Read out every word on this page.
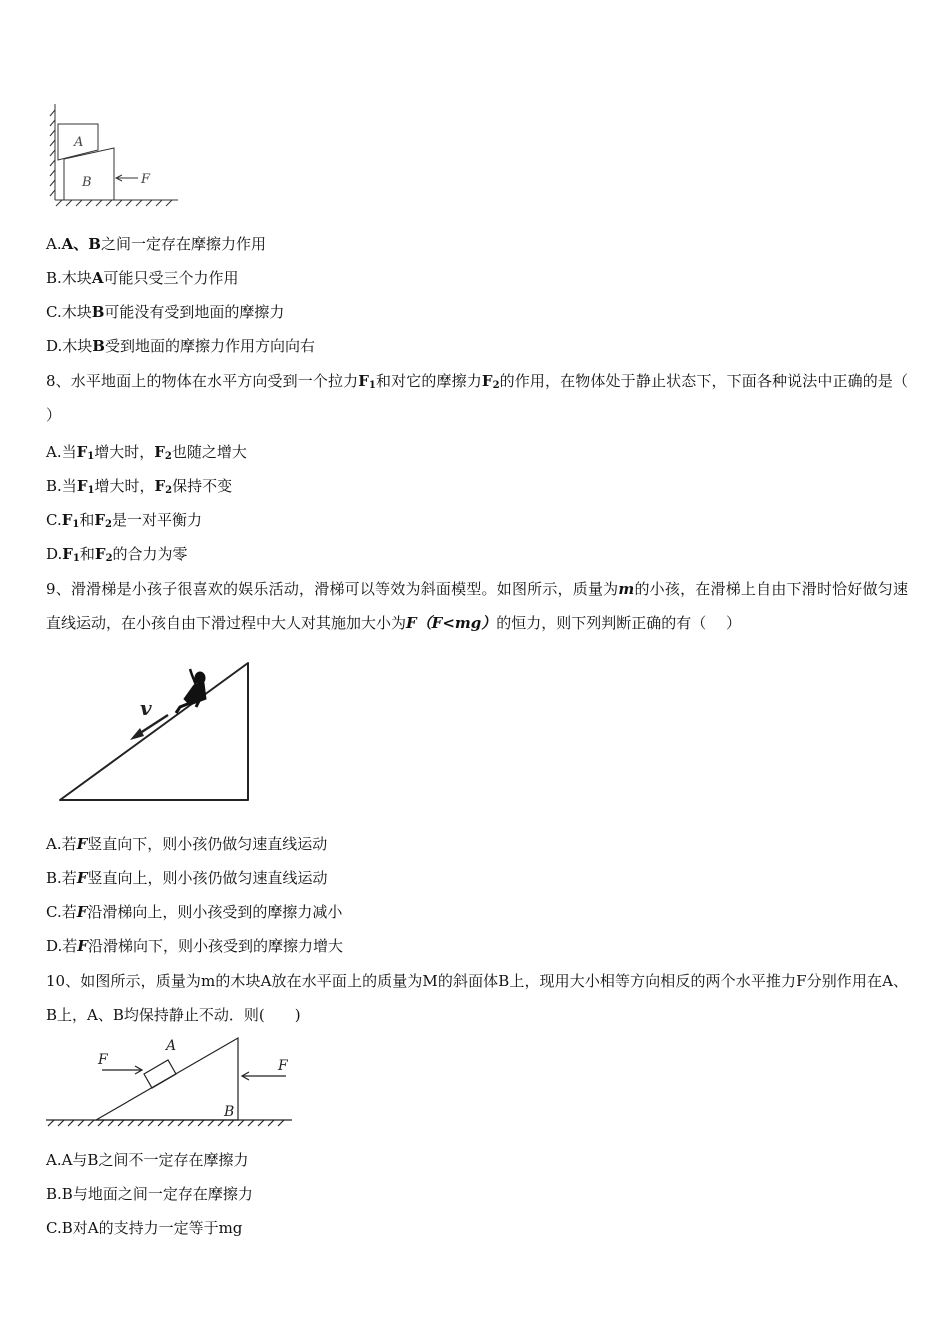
A
B	F
A.A、B之间一定存在摩擦力作用
B.木块A可能只受三个力作用
C.木块B可能没有受到地面的摩擦力
D.木块B受到地面的摩擦力作用方向向右
8、水平地面上的物体在水平方向受到一个拉力$F_1$和对它的摩擦力$F_2$的作用，在物体处于静止状态下，下面各种说法中正确的是（ ）
A.当$F_1$增大时，$F_2$也随之增大
B.当$F_1$增大时，$F_2$保持不变
$C.F_1$和$F_2$是一对平衡力
$D.F_1$和$F_2$的合力为零
9、滑滑梯是小孩子很喜欢的娱乐活动，滑梯可以等效为斜面模型。如图所示，质量为m的小孩，在滑梯上自由下滑时恰好做匀速直线运动，在小孩自由下滑过程中大人对其施加大小为F（F<mg）的恒力，则下列判断正确的有（　 ）
v
A.若F竖直向下，则小孩仍做匀速直线运动
B.若F竖直向上，则小孩仍做匀速直线运动
C.若F沿滑梯向上，则小孩受到的摩擦力减小
D.若F沿滑梯向下，则小孩受到的摩擦力增大
10、如图所示，质量为m的木块A放在水平面上的质量为M的斜面体B上，现用大小相等方向相反的两个水平推力F分别作用在A、B上，A、B均保持静止不动．则(　　)
F
A
F
B
A.A与B之间不一定存在摩擦力
B.B与地面之间一定存在摩擦力
C.B对A的支持力一定等于mg
